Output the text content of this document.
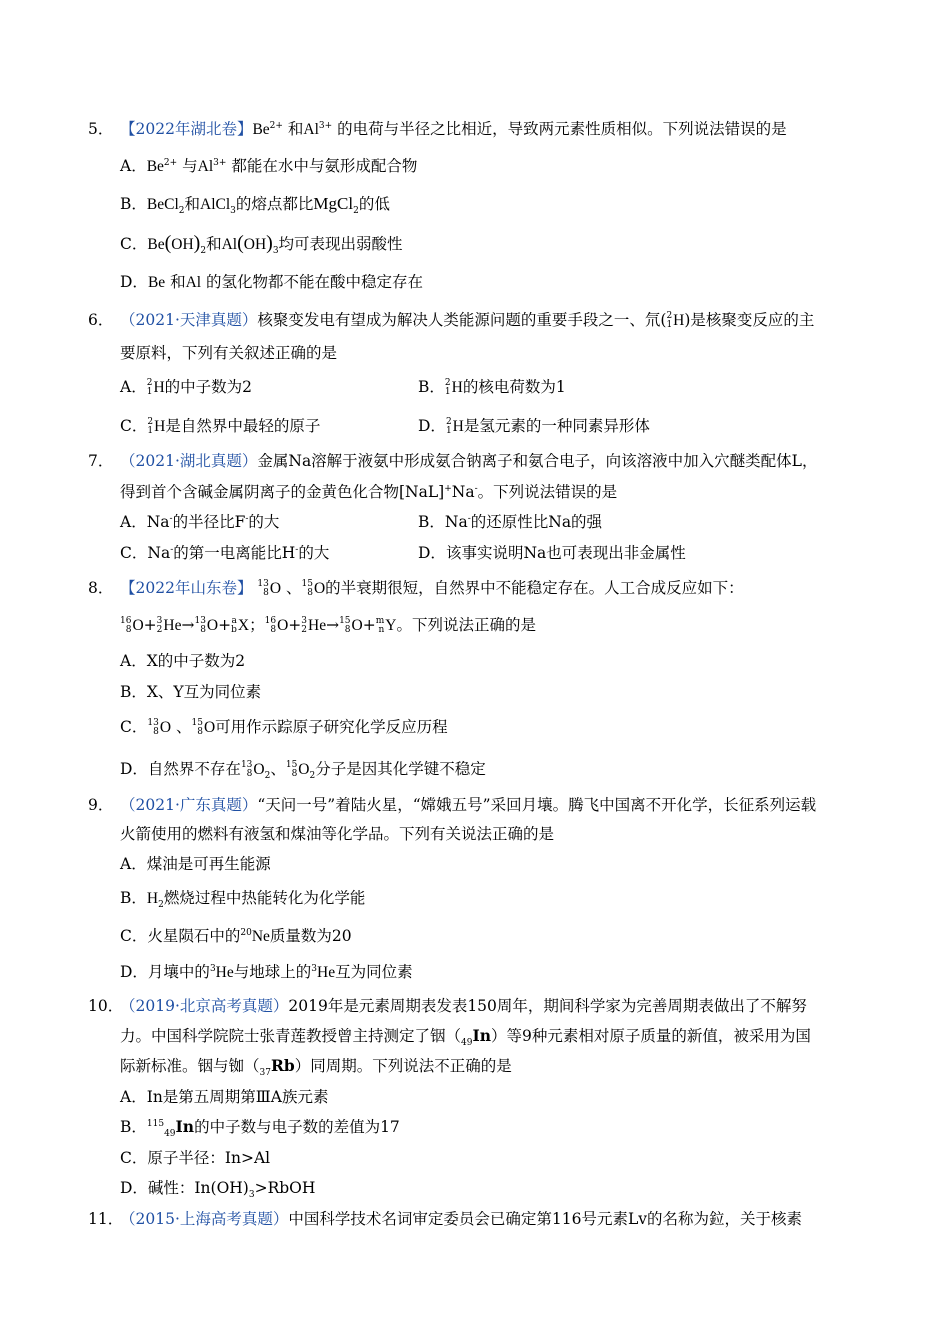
5． 【2022年湖北卷】$Be^{2+}$ 和$Al^{3+}$ 的电荷与半径之比相近，导致两元素性质相似。下列说法错误的是
A．$Be^{2+}$ 与$Al^{3+}$ 都能在水中与氨形成配合物
B．BeCl$_2$和AlCl$_3$的熔点都比MgCl$_2$的低
C．$Be(OH)_2$和$Al(OH)_3$均可表现出弱酸性
D．Be 和Al 的氢化物都不能在酸中稳定存在
6． （2021·天津真题）核聚变发电有望成为解决人类能源问题的重要手段之一、氘( 2
1 H)是核聚变反应的主
要原料，下列有关叙述正确的是
A． 2
1 H的中子数为2	B． 2
1 H的核电荷数为1
C． 2
1 H是自然界中最轻的原子	D． 2
1 H是氢元素的一种同素异形体
7． （2021·湖北真题）金属Na溶解于液氨中形成氨合钠离子和氨合电子，向该溶液中加入穴醚类配体L，
得到首个含碱金属阴离子的金黄色化合物[NaL]+Na-。下列说法错误的是
A．Na-的半径比F-的大	B．Na-的还原性比Na的强
C．Na-的第一电离能比H-的大	D．该事实说明Na也可表现出非金属性
8． 【2022年山东卷】 13
8 O 、 15
8 O的半衰期很短，自然界中不能稳定存在。人工合成反应如下：
16
8 O+ 3
2 He→ 13
8 O+ a
b X； 16
8 O+ 3
2 He→ 15
8 O+ m
n Y。下列说法正确的是
A．X的中子数为2
B．X、Y互为同位素
C． 13
8 O 、 15
8 O可用作示踪原子研究化学反应历程
D．自然界不存在 13
8 $O_2$、 15
8 $O_2$分子是因其化学键不稳定
9． （2021·广东真题）“天问一号”着陆火星，“嫦娥五号”采回月壤。腾飞中国离不开化学，长征系列运载
火箭使用的燃料有液氢和煤油等化学品。下列有关说法正确的是
A．煤油是可再生能源
B．$H_2$燃烧过程中热能转化为化学能
C．火星陨石中的$^{20}$Ne质量数为20
D．月壤中的$^3$He与地球上的$^3$He互为同位素
10．（2019·北京高考真题）2019年是元素周期表发表150周年，期间科学家为完善周期表做出了不解努
力。中国科学院院士张青莲教授曾主持测定了铟$(_{49}In)$等9种元素相对原子质量的新值，被采用为国
际新标准。铟与铷$(_{37}Rb)$同周期。下列说法不正确的是
A．In是第五周期第ⅢA族元素
B．$^{115}_{49}$In的中子数与电子数的差值为17
C．原子半径：In>Al
D．碱性：$In(OH)_3>RbOH$
11．（2015·上海高考真题）中国科学技术名词审定委员会已确定第116号元素Lv的名称为鉝，关于核素
